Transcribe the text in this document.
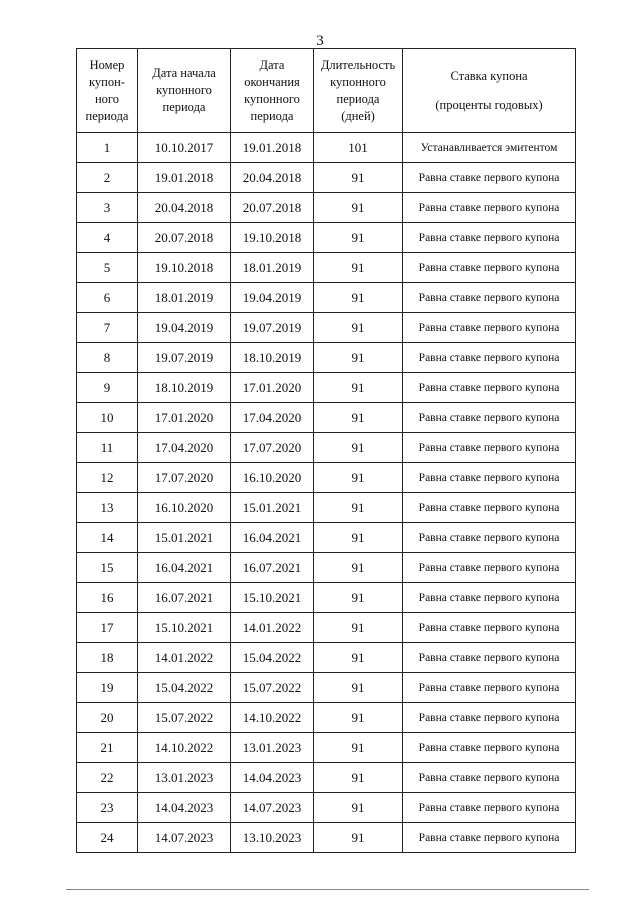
3
Номер
купон-
ного
периода	Дата начала
купонного
периода	Дата
окончания
купонного
периода	Длительность
купонного
периода
(дней)	Ставка купона
(проценты годовых)

1	10.10.2017	19.01.2018	101	Устанавливается эмитентом
2	19.01.2018	20.04.2018	91	Равна ставке первого купона
3	20.04.2018	20.07.2018	91	Равна ставке первого купона
4	20.07.2018	19.10.2018	91	Равна ставке первого купона
5	19.10.2018	18.01.2019	91	Равна ставке первого купона
6	18.01.2019	19.04.2019	91	Равна ставке первого купона
7	19.04.2019	19.07.2019	91	Равна ставке первого купона
8	19.07.2019	18.10.2019	91	Равна ставке первого купона
9	18.10.2019	17.01.2020	91	Равна ставке первого купона
10	17.01.2020	17.04.2020	91	Равна ставке первого купона
11	17.04.2020	17.07.2020	91	Равна ставке первого купона
12	17.07.2020	16.10.2020	91	Равна ставке первого купона
13	16.10.2020	15.01.2021	91	Равна ставке первого купона
14	15.01.2021	16.04.2021	91	Равна ставке первого купона
15	16.04.2021	16.07.2021	91	Равна ставке первого купона
16	16.07.2021	15.10.2021	91	Равна ставке первого купона
17	15.10.2021	14.01.2022	91	Равна ставке первого купона
18	14.01.2022	15.04.2022	91	Равна ставке первого купона
19	15.04.2022	15.07.2022	91	Равна ставке первого купона
20	15.07.2022	14.10.2022	91	Равна ставке первого купона
21	14.10.2022	13.01.2023	91	Равна ставке первого купона
22	13.01.2023	14.04.2023	91	Равна ставке первого купона
23	14.04.2023	14.07.2023	91	Равна ставке первого купона
24	14.07.2023	13.10.2023	91	Равна ставке первого купона
